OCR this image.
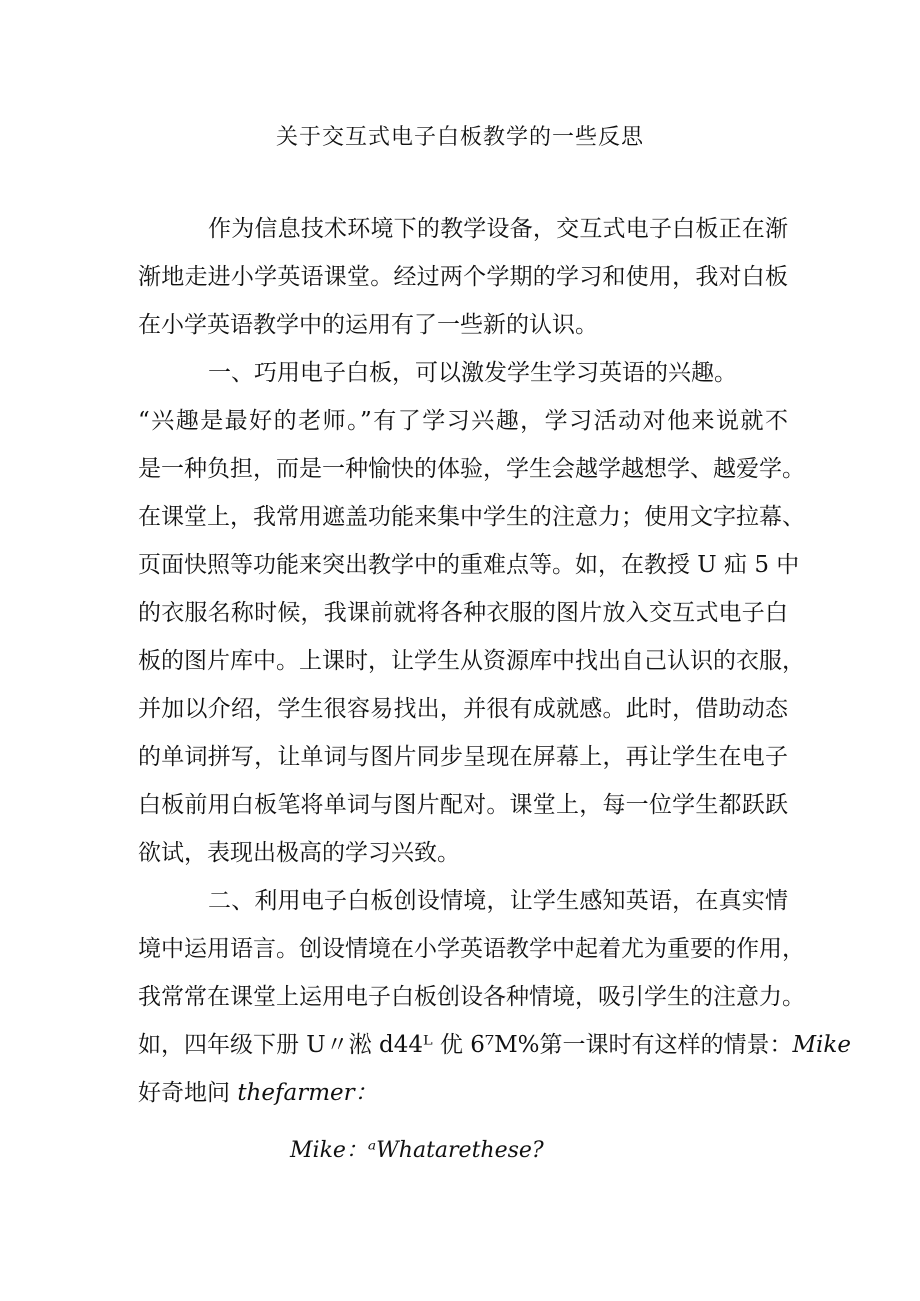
关于交互式电子白板教学的一些反思
作为信息技术环境下的教学设备，交互式电子白板正在渐
渐地走进小学英语课堂。经过两个学期的学习和使用，我对白板
在小学英语教学中的运用有了一些新的认识。
一、巧用电子白板，可以激发学生学习英语的兴趣。
“兴趣是最好的老师。”有了学习兴趣，学习活动对他来说就不
是一种负担，而是一种愉快的体验，学生会越学越想学、越爱学。
在课堂上，我常用遮盖功能来集中学生的注意力；使用文字拉幕、
页面快照等功能来突出教学中的重难点等。如，在教授 U 疝 5 中
的衣服名称时候，我课前就将各种衣服的图片放入交互式电子白
板的图片库中。上课时，让学生从资源库中找出自己认识的衣服，
并加以介绍，学生很容易找出，并很有成就感。此时，借助动态
的单词拼写，让单词与图片同步呈现在屏幕上，再让学生在电子
白板前用白板笔将单词与图片配对。课堂上，每一位学生都跃跃
欲试，表现出极高的学习兴致。
二、利用电子白板创设情境，让学生感知英语，在真实情
境中运用语言。创设情境在小学英语教学中起着尤为重要的作用，
我常常在课堂上运用电子白板创设各种情境，吸引学生的注意力。
如，四年级下册 U〃淞 d44ᴸ 优 6⁷M%第一课时有这样的情景：Mike
好奇地问 thefarmer：
Mike：ᵃWhatarethese?
